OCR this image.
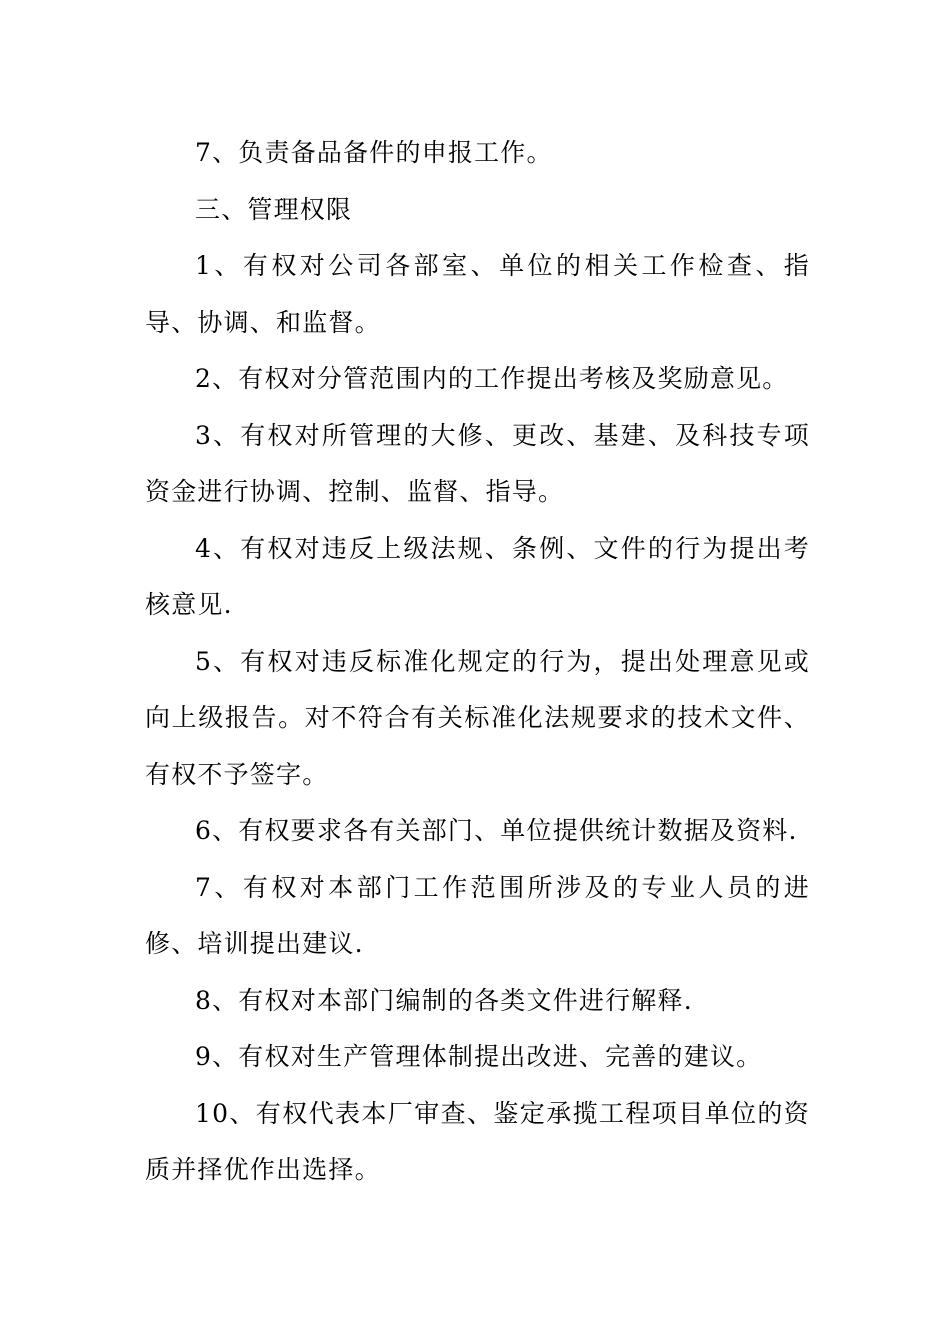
7、负责备品备件的申报工作。

三、管理权限

1、有权对公司各部室、单位的相关工作检查、指导、协调、和监督。

2、有权对分管范围内的工作提出考核及奖励意见。

3、有权对所管理的大修、更改、基建、及科技专项资金进行协调、控制、监督、指导。

4、有权对违反上级法规、条例、文件的行为提出考核意见.

5、有权对违反标准化规定的行为，提出处理意见或向上级报告。对不符合有关标准化法规要求的技术文件、有权不予签字。

6、有权要求各有关部门、单位提供统计数据及资料.

7、有权对本部门工作范围所涉及的专业人员的进修、培训提出建议.

8、有权对本部门编制的各类文件进行解释.

9、有权对生产管理体制提出改进、完善的建议。

10、有权代表本厂审查、鉴定承揽工程项目单位的资质并择优作出选择。
